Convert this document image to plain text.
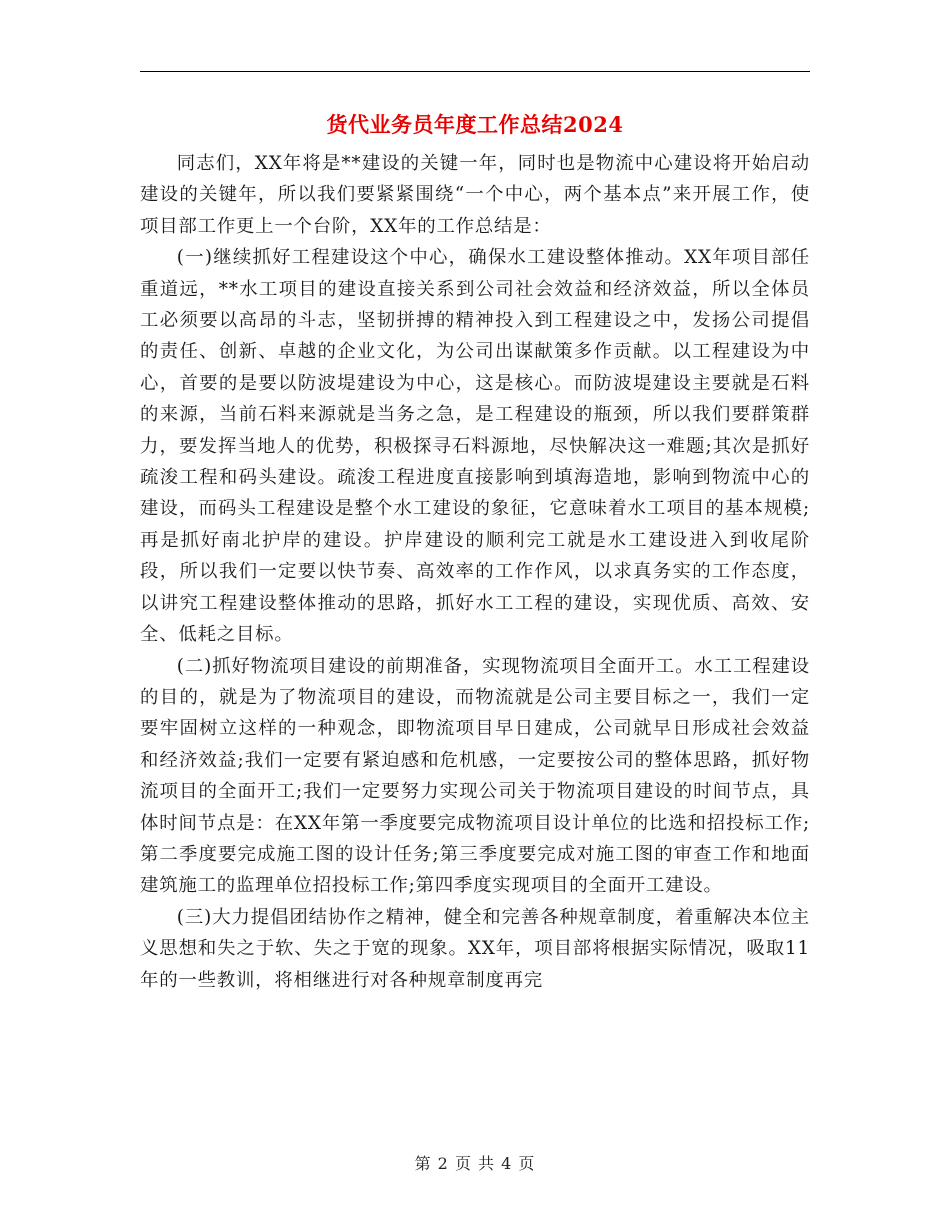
货代业务员年度工作总结2024

同志们，XX年将是**建设的关键一年，同时也是物流中心建设将开始启动建设的关键年，所以我们要紧紧围绕“一个中心，两个基本点”来开展工作，使项目部工作更上一个台阶，XX年的工作总结是：

(一)继续抓好工程建设这个中心，确保水工建设整体推动。XX年项目部任重道远，**水工项目的建设直接关系到公司社会效益和经济效益，所以全体员工必须要以高昂的斗志，坚韧拼搏的精神投入到工程建设之中，发扬公司提倡的责任、创新、卓越的企业文化，为公司出谋献策多作贡献。以工程建设为中心，首要的是要以防波堤建设为中心，这是核心。而防波堤建设主要就是石料的来源，当前石料来源就是当务之急，是工程建设的瓶颈，所以我们要群策群力，要发挥当地人的优势，积极探寻石料源地，尽快解决这一难题;其次是抓好疏浚工程和码头建设。疏浚工程进度直接影响到填海造地，影响到物流中心的建设，而码头工程建设是整个水工建设的象征，它意味着水工项目的基本规模;再是抓好南北护岸的建设。护岸建设的顺利完工就是水工建设进入到收尾阶段，所以我们一定要以快节奏、高效率的工作作风，以求真务实的工作态度，以讲究工程建设整体推动的思路，抓好水工工程的建设，实现优质、高效、安全、低耗之目标。

(二)抓好物流项目建设的前期准备，实现物流项目全面开工。水工工程建设的目的，就是为了物流项目的建设，而物流就是公司主要目标之一，我们一定要牢固树立这样的一种观念，即物流项目早日建成，公司就早日形成社会效益和经济效益;我们一定要有紧迫感和危机感，一定要按公司的整体思路，抓好物流项目的全面开工;我们一定要努力实现公司关于物流项目建设的时间节点，具体时间节点是：在XX年第一季度要完成物流项目设计单位的比选和招投标工作;第二季度要完成施工图的设计任务;第三季度要完成对施工图的审查工作和地面建筑施工的监理单位招投标工作;第四季度实现项目的全面开工建设。

(三)大力提倡团结协作之精神，健全和完善各种规章制度，着重解决本位主义思想和失之于软、失之于宽的现象。XX年，项目部将根据实际情况，吸取11年的一些教训，将相继进行对各种规章制度再完

第 2 页 共 4 页
